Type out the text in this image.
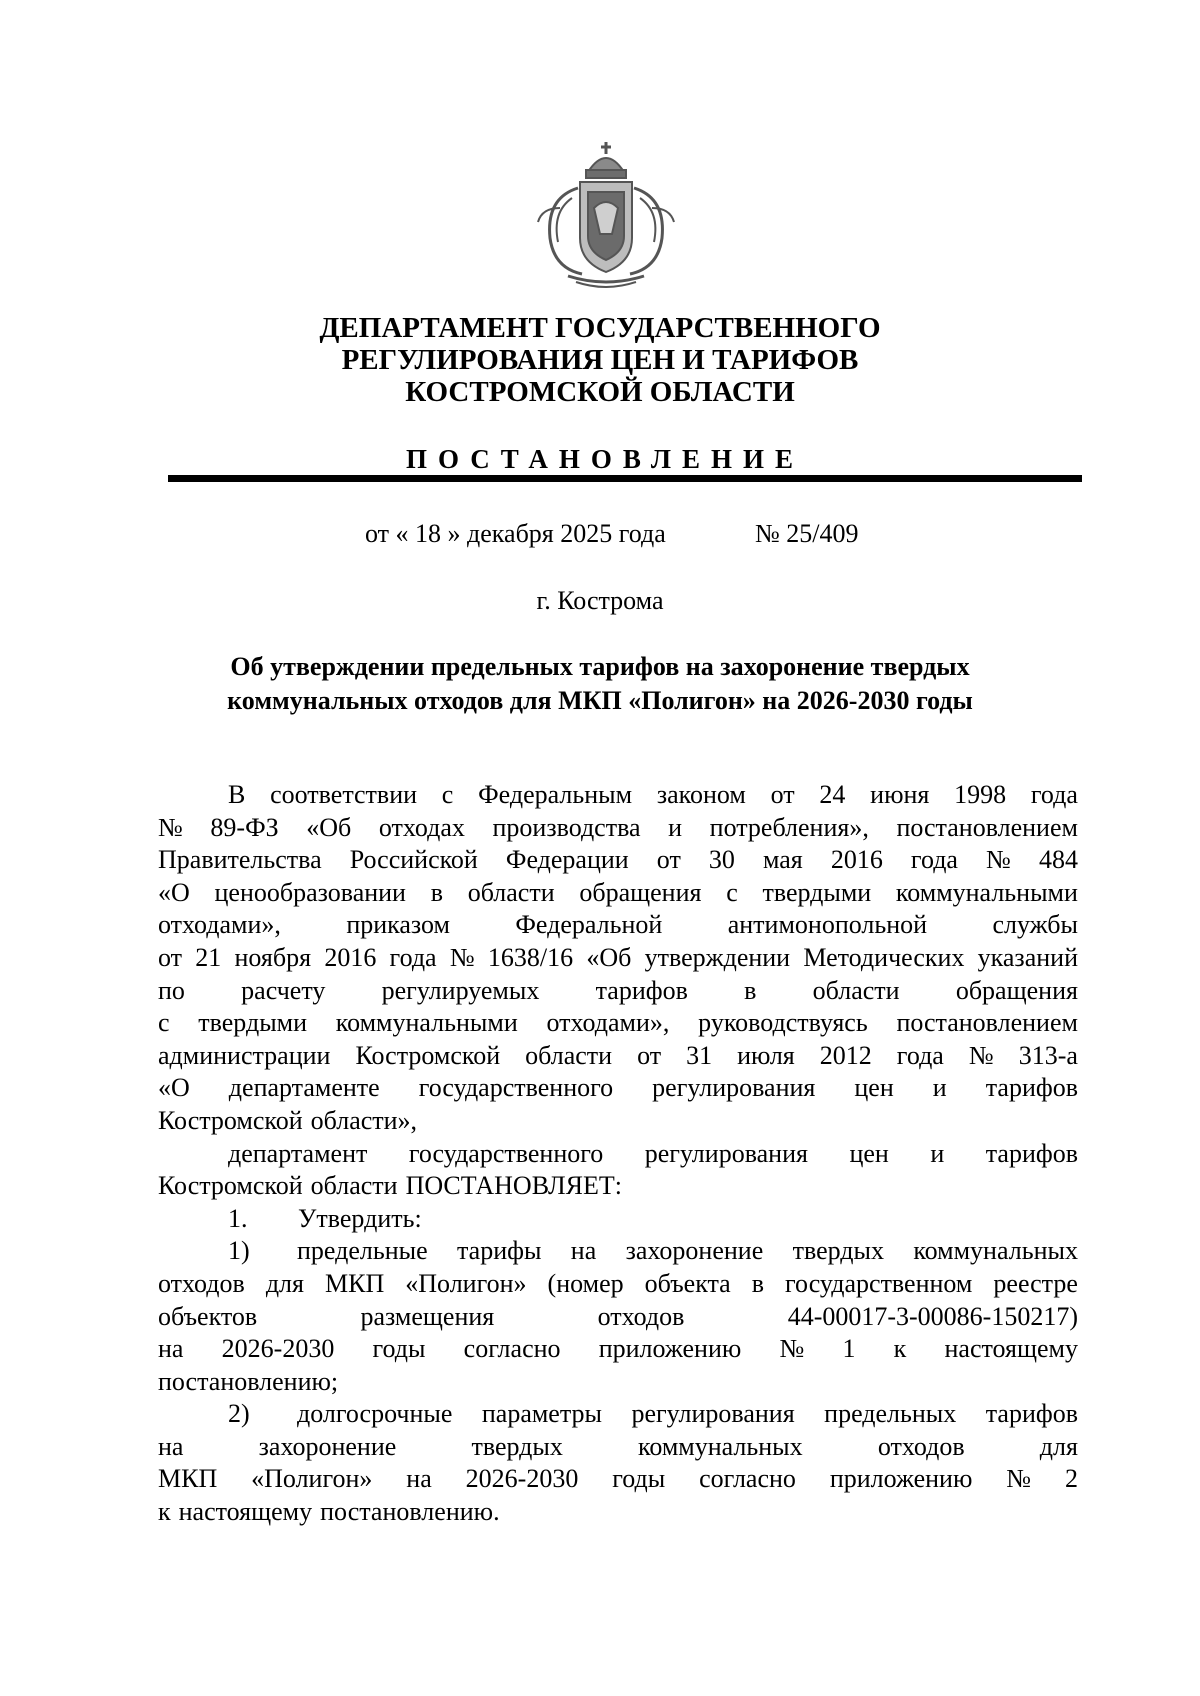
ДЕПАРТАМЕНТ ГОСУДАРСТВЕННОГО
РЕГУЛИРОВАНИЯ ЦЕН И ТАРИФОВ
КОСТРОМСКОЙ ОБЛАСТИ
ПОСТАНОВЛЕНИЕ
от « 18 » декабря 2025 года	№ 25/409
г. Кострома
Об утверждении предельных тарифов на захоронение твердых
коммунальных отходов для МКП «Полигон» на 2026-2030 годы
В соответствии с Федеральным законом от 24 июня 1998 года
№ 89-ФЗ «Об отходах производства и потребления», постановлением
Правительства Российской Федерации от 30 мая 2016 года № 484
«О ценообразовании в области обращения с твердыми коммунальными
отходами»,	приказом	Федеральной	антимонопольной	службы
от 21 ноября 2016 года № 1638/16 «Об утверждении Методических указаний
по расчету регулируемых тарифов в области обращения
с твердыми коммунальными отходами», руководствуясь постановлением
администрации Костромской области от 31 июля 2012 года № 313-а
«О департаменте государственного регулирования цен и тарифов
Костромской области»,
департамент государственного регулирования цен и тарифов
Костромской области ПОСТАНОВЛЯЕТ:
1.	Утвердить:
1)	предельные тарифы на захоронение твердых коммунальных
отходов для МКП «Полигон» (номер объекта в государственном реестре
объектов	размещения	отходов	44-00017-3-00086-150217)
на 2026-2030 годы согласно приложению № 1 к настоящему
постановлению;
2)	долгосрочные параметры регулирования предельных тарифов
на	захоронение	твердых	коммунальных	отходов	для
МКП «Полигон» на 2026-2030 годы согласно приложению № 2
к настоящему постановлению.
